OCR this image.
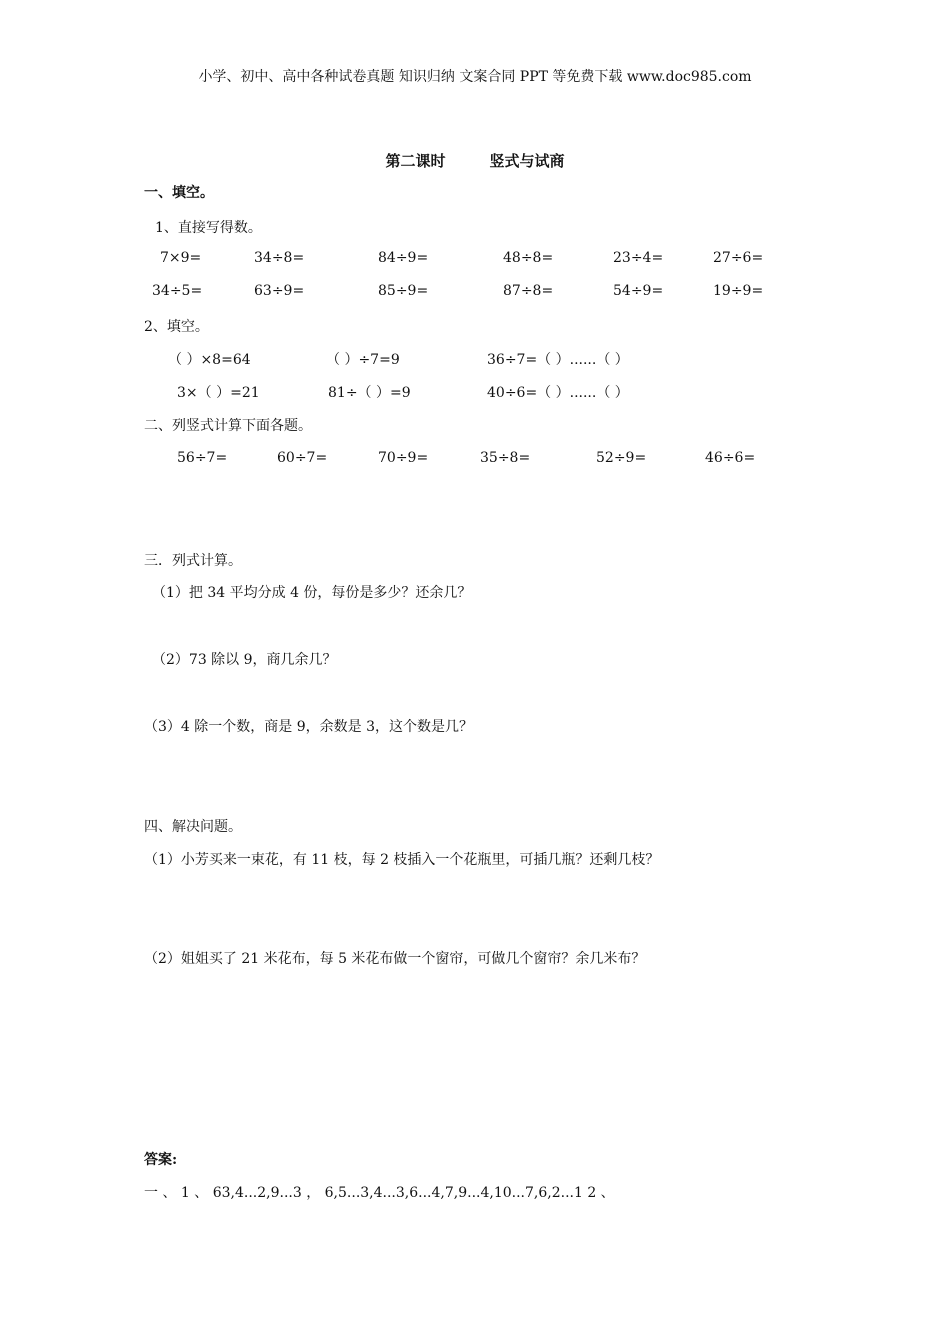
小学、初中、高中各种试卷真题 知识归纳 文案合同 PPT 等免费下载 www.doc985.com
第二课时	竖式与试商
一、填空。
1、直接写得数。
7×9=	34÷8=	84÷9=	48÷8=	23÷4=	27÷6=
34÷5=	63÷9=	85÷9=	87÷8=	54÷9=	19÷9=
2、填空。
（ ）×8=64	（ ）÷7=9	36÷7=（ ）......（ ）
3×（ ）=21	81÷（ ）=9	40÷6=（ ）......（ ）
二、列竖式计算下面各题。
56÷7=	60÷7=	70÷9=	35÷8=	52÷9=	46÷6=
三．列式计算。
（1）把 34 平均分成 4 份，每份是多少？还余几？
（2）73 除以 9，商几余几？
（3）4 除一个数，商是 9，余数是 3，这个数是几？
四、解决问题。
（1）小芳买来一束花，有 11 枝，每 2 枝插入一个花瓶里，可插几瓶？还剩几枝？
（2）姐姐买了 21 米花布，每 5 米花布做一个窗帘，可做几个窗帘？余几米布？
答案:
一 、 1 、 63,4...2,9...3 ， 6,5...3,4...3,6...4,7,9...4,10...7,6,2...1 2 、
